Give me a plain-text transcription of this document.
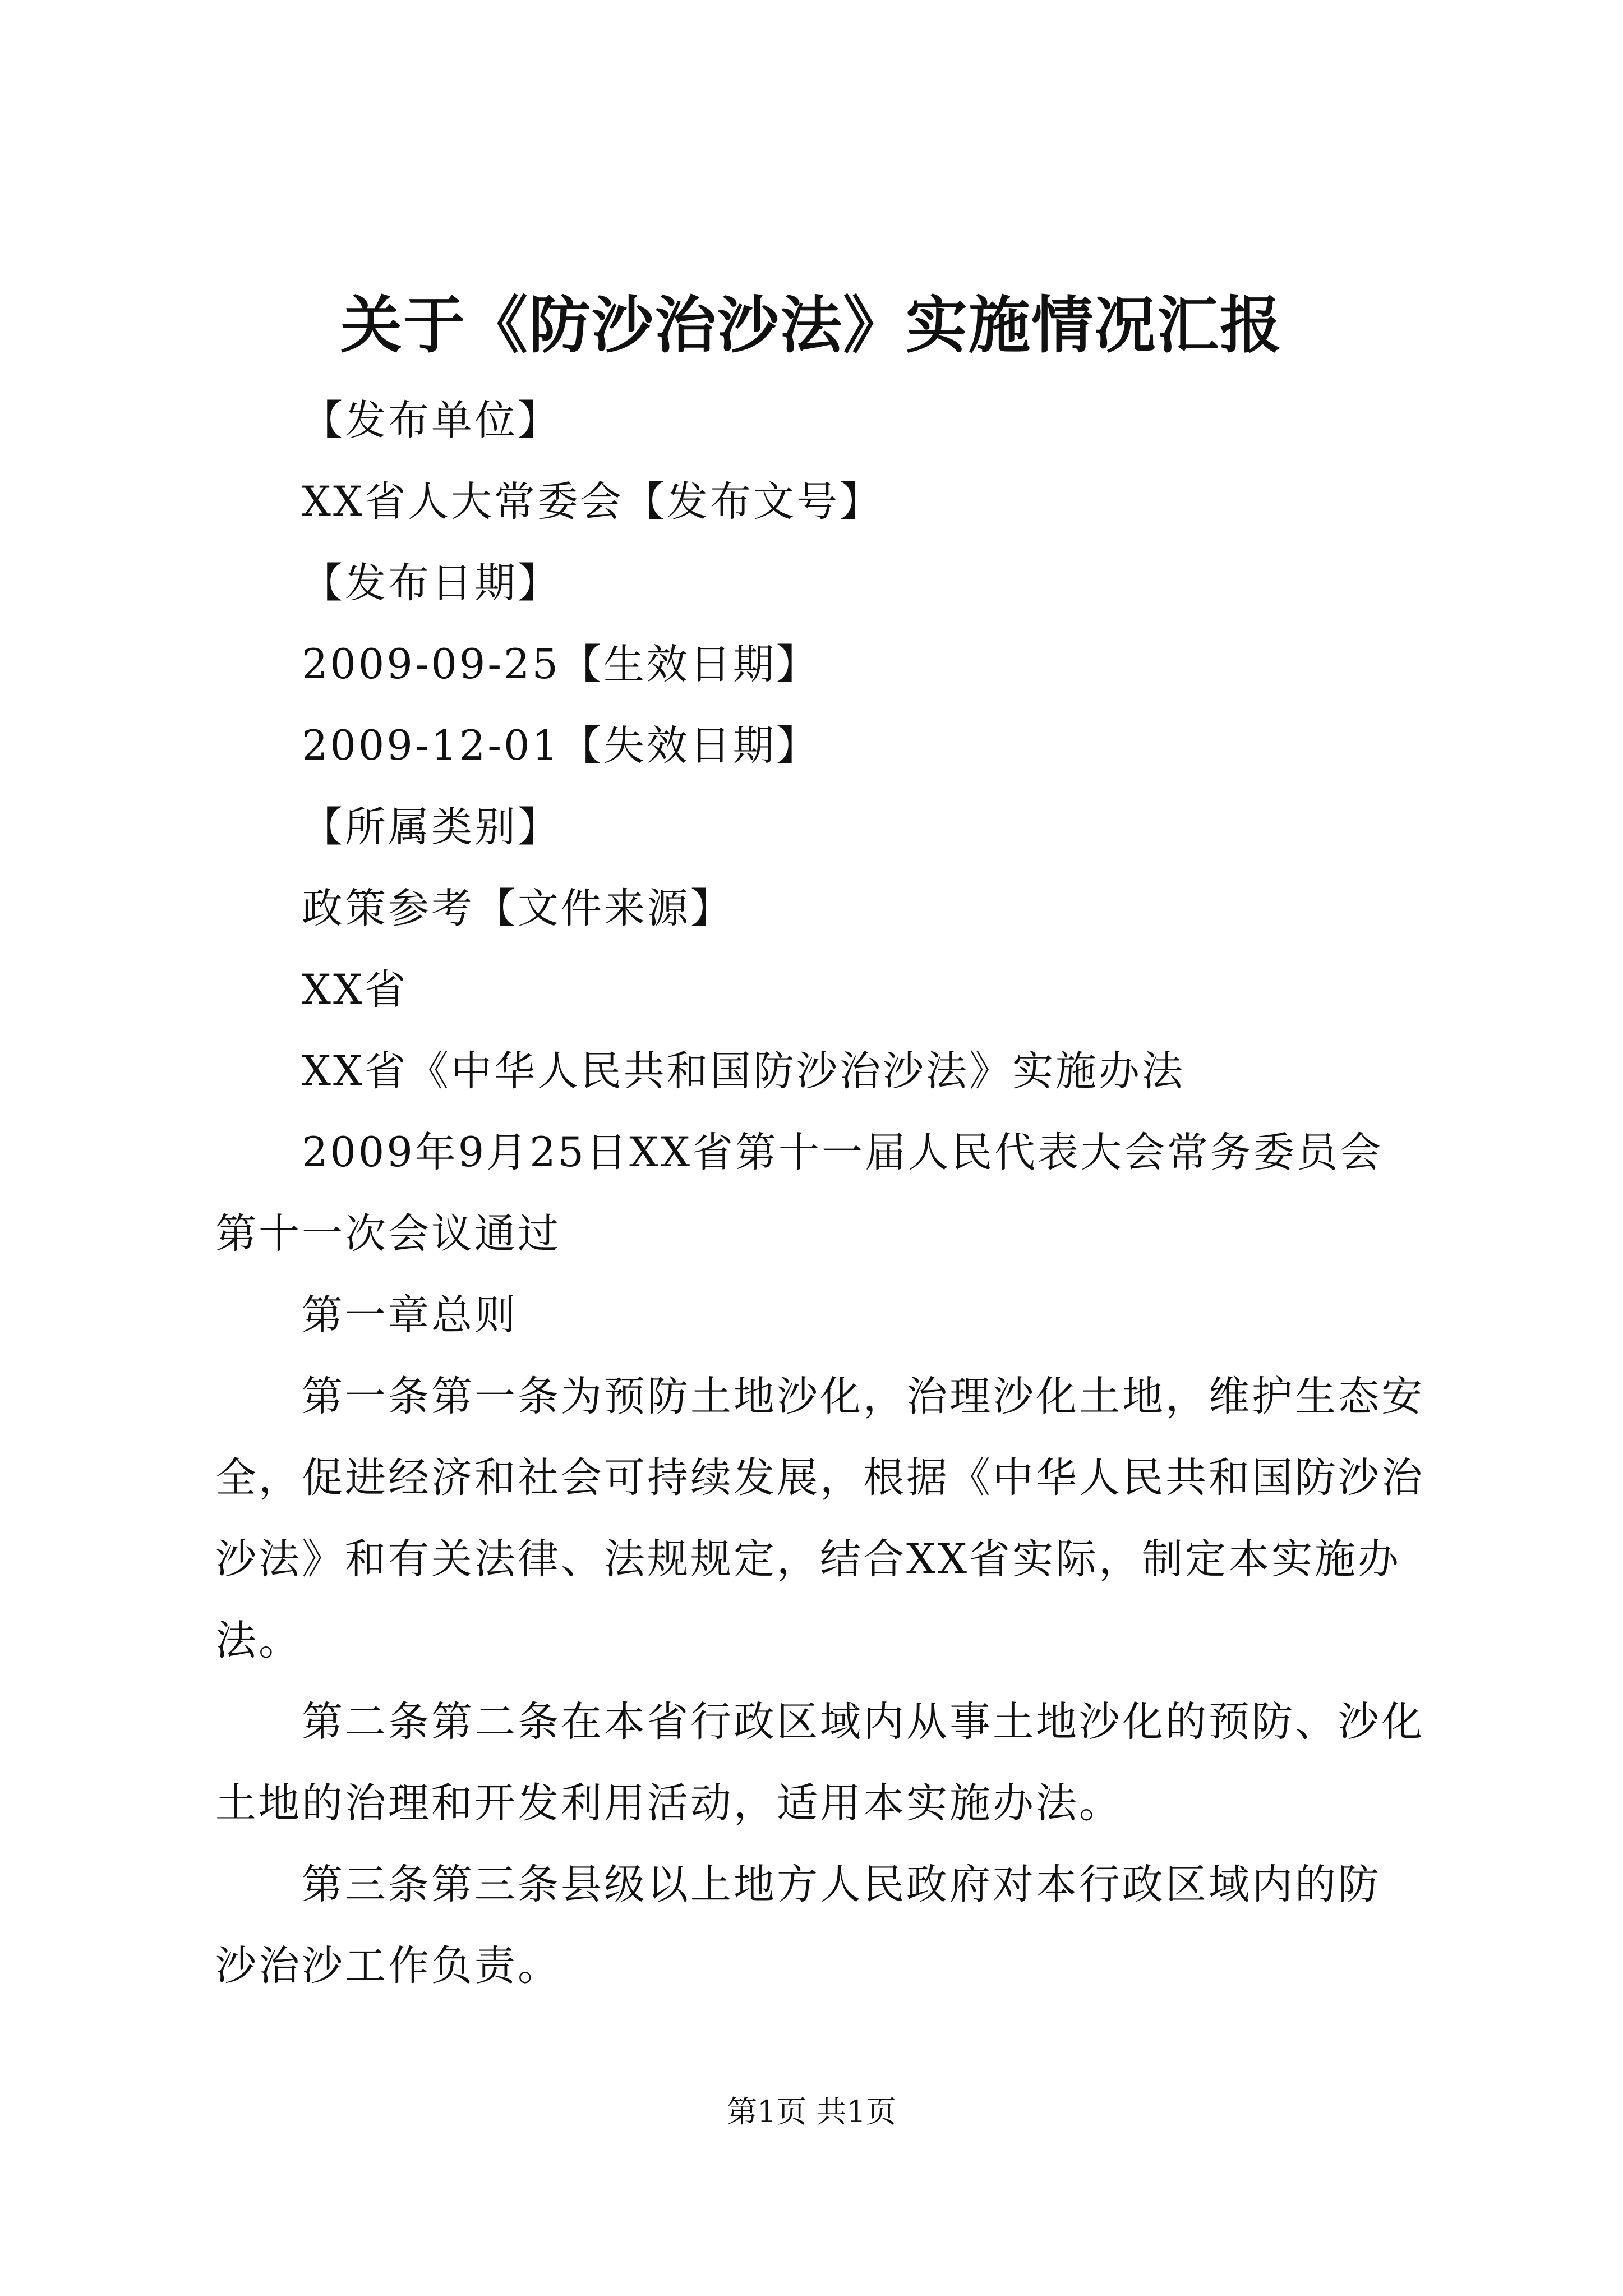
关于《防沙治沙法》实施情况汇报
【发布单位】
XX省人大常委会【发布文号】
【发布日期】
2009-09-25【生效日期】
2009-12-01【失效日期】
【所属类别】
政策参考【文件来源】
XX省
XX省《中华人民共和国防沙治沙法》实施办法
2009年9月25日XX省第十一届人民代表大会常务委员会
第十一次会议通过
第一章总则
第一条第一条为预防土地沙化，治理沙化土地，维护生态安
全，促进经济和社会可持续发展，根据《中华人民共和国防沙治
沙法》和有关法律、法规规定，结合XX省实际，制定本实施办
法。
第二条第二条在本省行政区域内从事土地沙化的预防、沙化
土地的治理和开发利用活动，适用本实施办法。
第三条第三条县级以上地方人民政府对本行政区域内的防
沙治沙工作负责。
第1页 共1页
